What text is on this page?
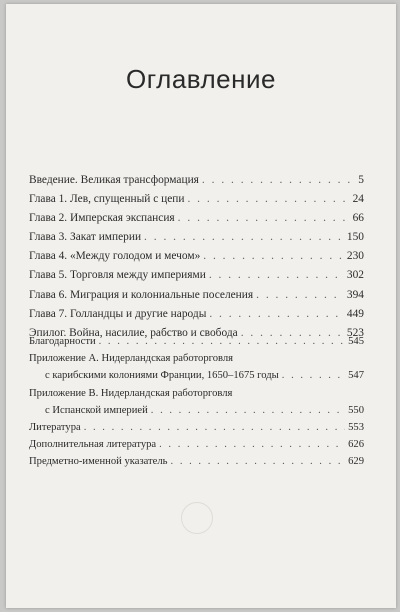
Оглавление
Введение. Великая трансформация . . .	5
Глава 1. Лев, спущенный с цепи . . .	24
Глава 2. Имперская экспансия . . .	66
Глава 3. Закат империи . . .	150
Глава 4. «Между голодом и мечом» . . .	230
Глава 5. Торговля между империями . . .	302
Глава 6. Миграция и колониальные поселения . . .	394
Глава 7. Голландцы и другие народы . . .	449
Эпилог. Война, насилие, рабство и свобода . . .	523
Благодарности . . .	545
Приложение А. Нидерландская работорговля
с карибскими колониями Франции, 1650–1675 годы . . .	547
Приложение В. Нидерландская работорговля
с Испанской империей . . .	550
Литература . . .	553
Дополнительная литература . . .	626
Предметно-именной указатель . . .	629
